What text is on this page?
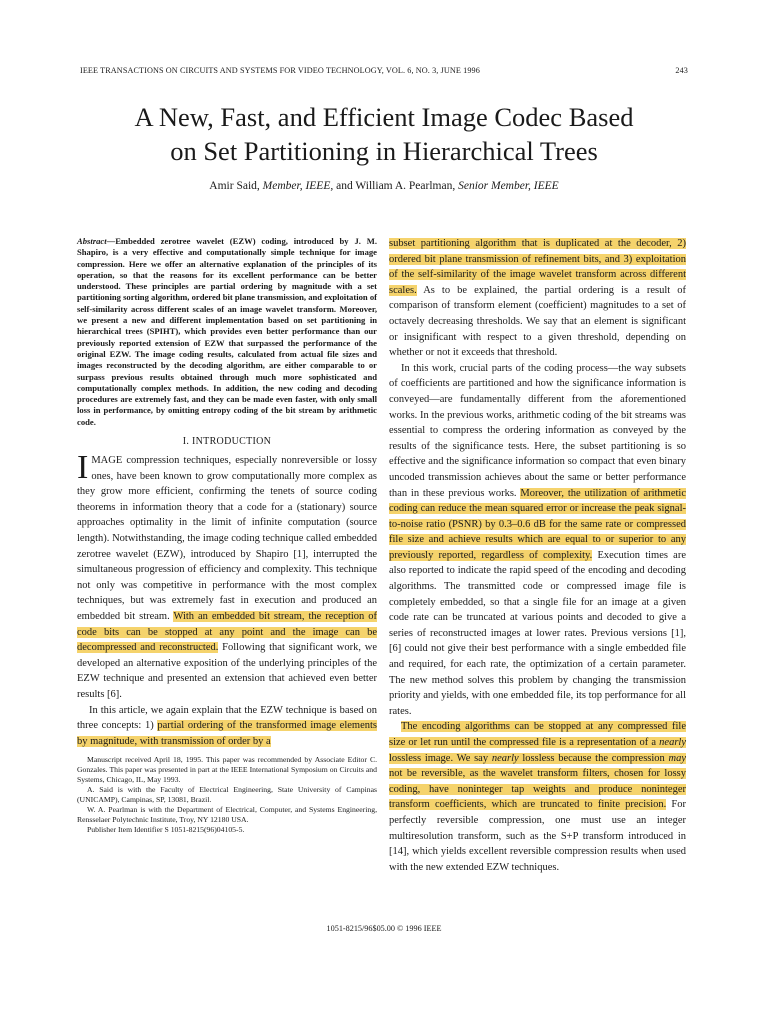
IEEE TRANSACTIONS ON CIRCUITS AND SYSTEMS FOR VIDEO TECHNOLOGY, VOL. 6, NO. 3, JUNE 1996	243
A New, Fast, and Efficient Image Codec Based
on Set Partitioning in Hierarchical Trees
Amir Said, Member, IEEE, and William A. Pearlman, Senior Member, IEEE

Abstract—Embedded zerotree wavelet (EZW) coding, introduced by J. M. Shapiro, is a very effective and computationally simple technique for image compression. Here we offer an alternative explanation of the principles of its operation, so that the reasons for its excellent performance can be better understood. These principles are partial ordering by magnitude with a set partitioning sorting algorithm, ordered bit plane transmission, and exploitation of self-similarity across different scales of an image wavelet transform. Moreover, we present a new and different implementation based on set partitioning in hierarchical trees (SPIHT), which provides even better performance than our previously reported extension of EZW that surpassed the performance of the original EZW. The image coding results, calculated from actual file sizes and images reconstructed by the decoding algorithm, are either comparable to or surpass previous results obtained through much more sophisticated and computationally complex methods. In addition, the new coding and decoding procedures are extremely fast, and they can be made even faster, with only small loss in performance, by omitting entropy coding of the bit stream by arithmetic code.

I. INTRODUCTION

IMAGE compression techniques, especially nonreversible or lossy ones, have been known to grow computationally more complex as they grow more efficient, confirming the tenets of source coding theorems in information theory that a code for a (stationary) source approaches optimality in the limit of infinite computation (source length). Notwithstanding, the image coding technique called embedded zerotree wavelet (EZW), introduced by Shapiro [1], interrupted the simultaneous progression of efficiency and complexity. This technique not only was competitive in performance with the most complex techniques, but was extremely fast in execution and produced an embedded bit stream. With an embedded bit stream, the reception of code bits can be stopped at any point and the image can be decompressed and reconstructed. Following that significant work, we developed an alternative exposition of the underlying principles of the EZW technique and presented an extension that achieved even better results [6].

In this article, we again explain that the EZW technique is based on three concepts: 1) partial ordering of the transformed image elements by magnitude, with transmission of order by a

Manuscript received April 18, 1995. This paper was recommended by Associate Editor C. Gonzales. This paper was presented in part at the IEEE International Symposium on Circuits and Systems, Chicago, IL, May 1993.

A. Said is with the Faculty of Electrical Engineering, State University of Campinas (UNICAMP), Campinas, SP, 13081, Brazil.

W. A. Pearlman is with the Department of Electrical, Computer, and Systems Engineering, Rensselaer Polytechnic Institute, Troy, NY 12180 USA.

Publisher Item Identifier S 1051-8215(96)04105-5.

subset partitioning algorithm that is duplicated at the decoder, 2) ordered bit plane transmission of refinement bits, and 3) exploitation of the self-similarity of the image wavelet transform across different scales. As to be explained, the partial ordering is a result of comparison of transform element (coefficient) magnitudes to a set of octavely decreasing thresholds. We say that an element is significant or insignificant with respect to a given threshold, depending on whether or not it exceeds that threshold.

In this work, crucial parts of the coding process—the way subsets of coefficients are partitioned and how the significance information is conveyed—are fundamentally different from the aforementioned works. In the previous works, arithmetic coding of the bit streams was essential to compress the ordering information as conveyed by the results of the significance tests. Here, the subset partitioning is so effective and the significance information so compact that even binary uncoded transmission achieves about the same or better performance than in these previous works. Moreover, the utilization of arithmetic coding can reduce the mean squared error or increase the peak signal-to-noise ratio (PSNR) by 0.3–0.6 dB for the same rate or compressed file size and achieve results which are equal to or superior to any previously reported, regardless of complexity. Execution times are also reported to indicate the rapid speed of the encoding and decoding algorithms. The transmitted code or compressed image file is completely embedded, so that a single file for an image at a given code rate can be truncated at various points and decoded to give a series of reconstructed images at lower rates. Previous versions [1], [6] could not give their best performance with a single embedded file and required, for each rate, the optimization of a certain parameter. The new method solves this problem by changing the transmission priority and yields, with one embedded file, its top performance for all rates.

The encoding algorithms can be stopped at any compressed file size or let run until the compressed file is a representation of a nearly lossless image. We say nearly lossless because the compression may not be reversible, as the wavelet transform filters, chosen for lossy coding, have noninteger tap weights and produce noninteger transform coefficients, which are truncated to finite precision. For perfectly reversible compression, one must use an integer multiresolution transform, such as the S+P transform introduced in [14], which yields excellent reversible compression results when used with the new extended EZW techniques.

1051-8215/96$05.00 © 1996 IEEE
